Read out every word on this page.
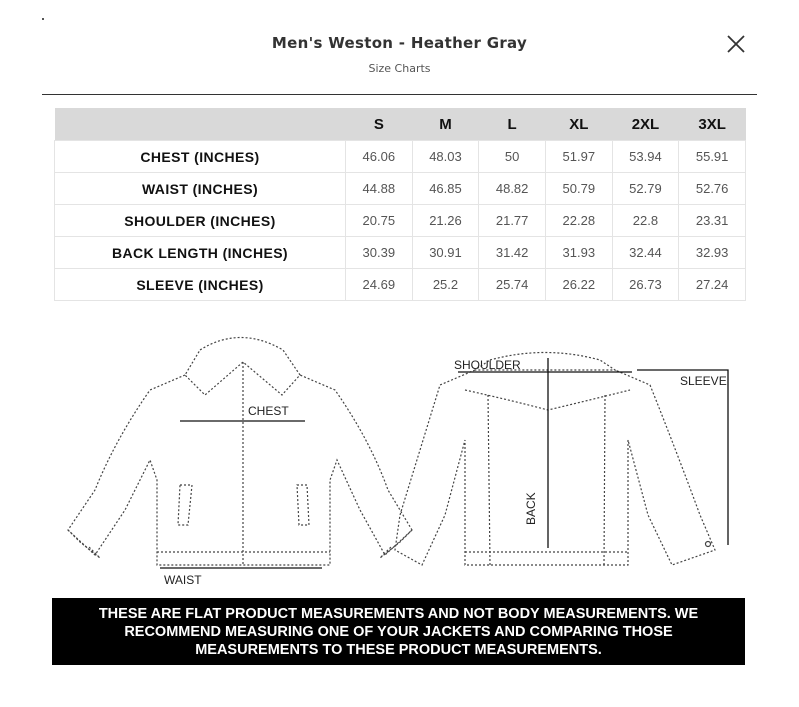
Men's Weston - Heather Gray
Size Charts
	S	M	L	XL	2XL	3XL
CHEST (INCHES)	46.06	48.03	50	51.97	53.94	55.91
WAIST (INCHES)	44.88	46.85	48.82	50.79	52.79	52.76
SHOULDER (INCHES)	20.75	21.26	21.77	22.28	22.8	23.31
BACK LENGTH (INCHES)	30.39	30.91	31.42	31.93	32.44	32.93
SLEEVE (INCHES)	24.69	25.2	25.74	26.22	26.73	27.24
CHEST
WAIST
SHOULDER
SLEEVE
BACK
THESE ARE FLAT PRODUCT MEASUREMENTS AND NOT BODY MEASUREMENTS. WE RECOMMEND MEASURING ONE OF YOUR JACKETS AND COMPARING THOSE MEASUREMENTS TO THESE PRODUCT MEASUREMENTS.
